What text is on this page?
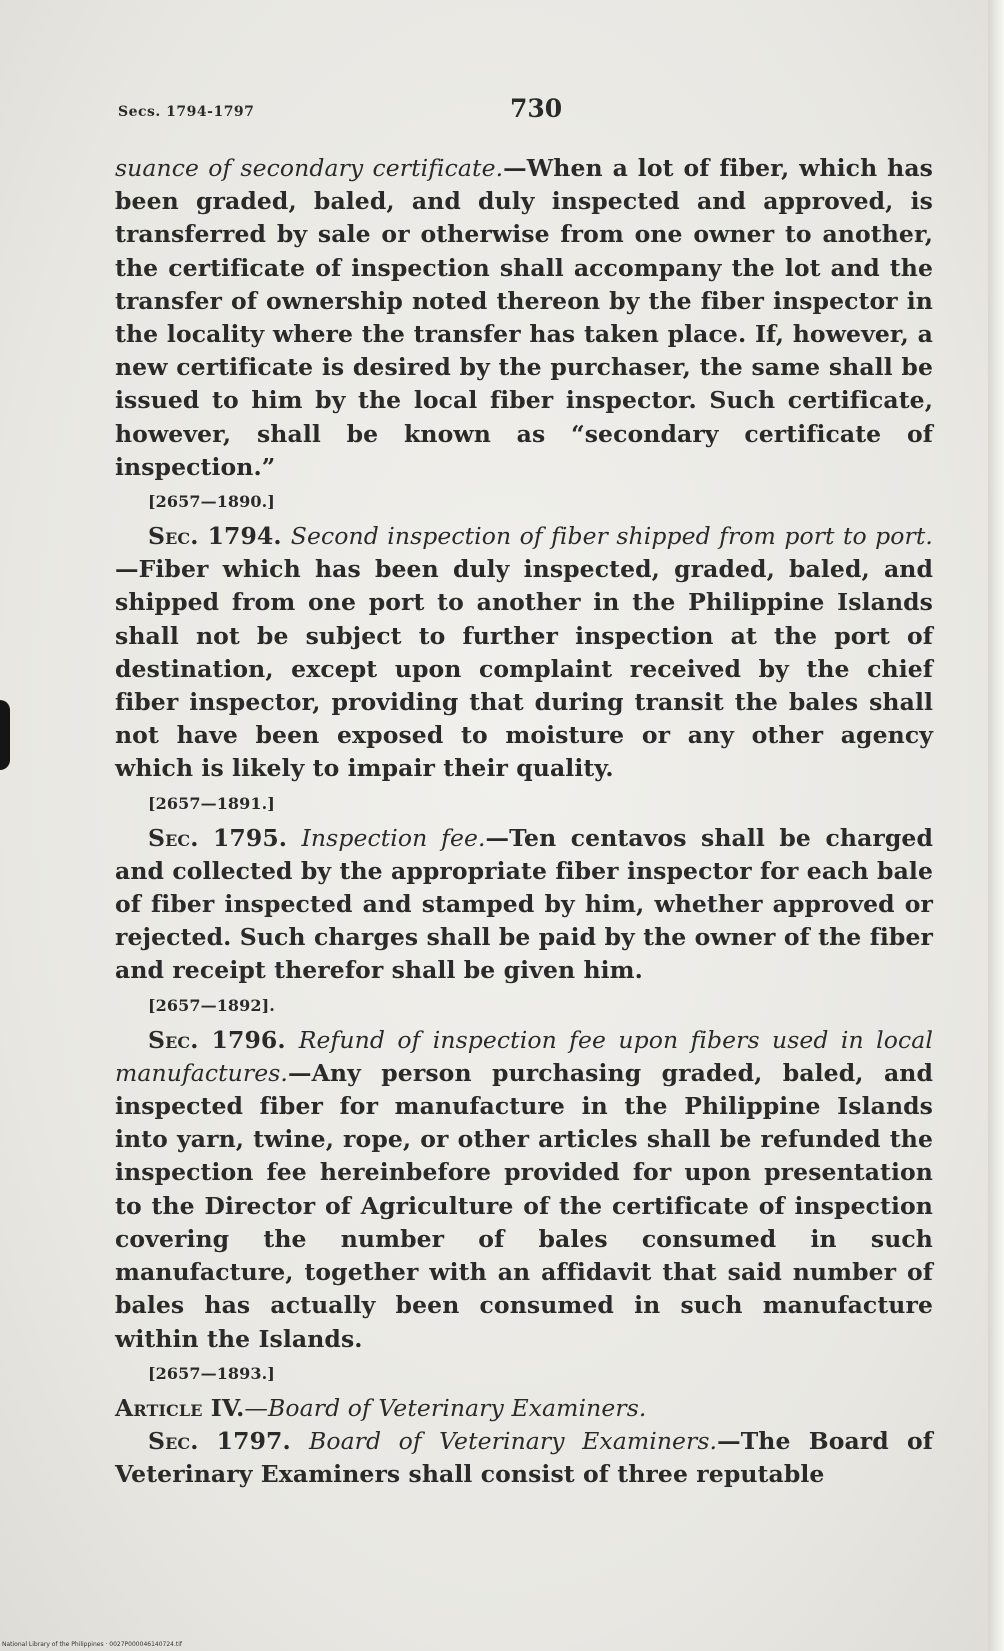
Secs. 1794-1797	730

suance of secondary certificate.—When a lot of fiber, which has been graded, baled, and duly inspected and approved, is transferred by sale or otherwise from one owner to another, the certificate of inspection shall accompany the lot and the transfer of ownership noted thereon by the fiber inspector in the locality where the transfer has taken place. If, however, a new certificate is desired by the purchaser, the same shall be issued to him by the local fiber inspector. Such certificate, however, shall be known as “secondary certificate of inspection.”

[2657—1890.]

Sec. 1794. Second inspection of fiber shipped from port to port.—Fiber which has been duly inspected, graded, baled, and shipped from one port to another in the Philippine Islands shall not be subject to further inspection at the port of destination, except upon complaint received by the chief fiber inspector, providing that during transit the bales shall not have been exposed to moisture or any other agency which is likely to impair their quality.

[2657—1891.]

Sec. 1795. Inspection fee.—Ten centavos shall be charged and collected by the appropriate fiber inspector for each bale of fiber inspected and stamped by him, whether approved or rejected. Such charges shall be paid by the owner of the fiber and receipt therefor shall be given him.

[2657—1892].

Sec. 1796. Refund of inspection fee upon fibers used in local manufactures.—Any person purchasing graded, baled, and inspected fiber for manufacture in the Philippine Islands into yarn, twine, rope, or other articles shall be refunded the inspection fee hereinbefore provided for upon presentation to the Director of Agriculture of the certificate of inspection covering the number of bales consumed in such manufacture, together with an affidavit that said number of bales has actually been consumed in such manufacture within the Islands.

[2657—1893.]

Article IV.—Board of Veterinary Examiners.

Sec. 1797. Board of Veterinary Examiners.—The Board of Veterinary Examiners shall consist of three reputable

National Library of the Philippines · 0027P000046140724.tif
